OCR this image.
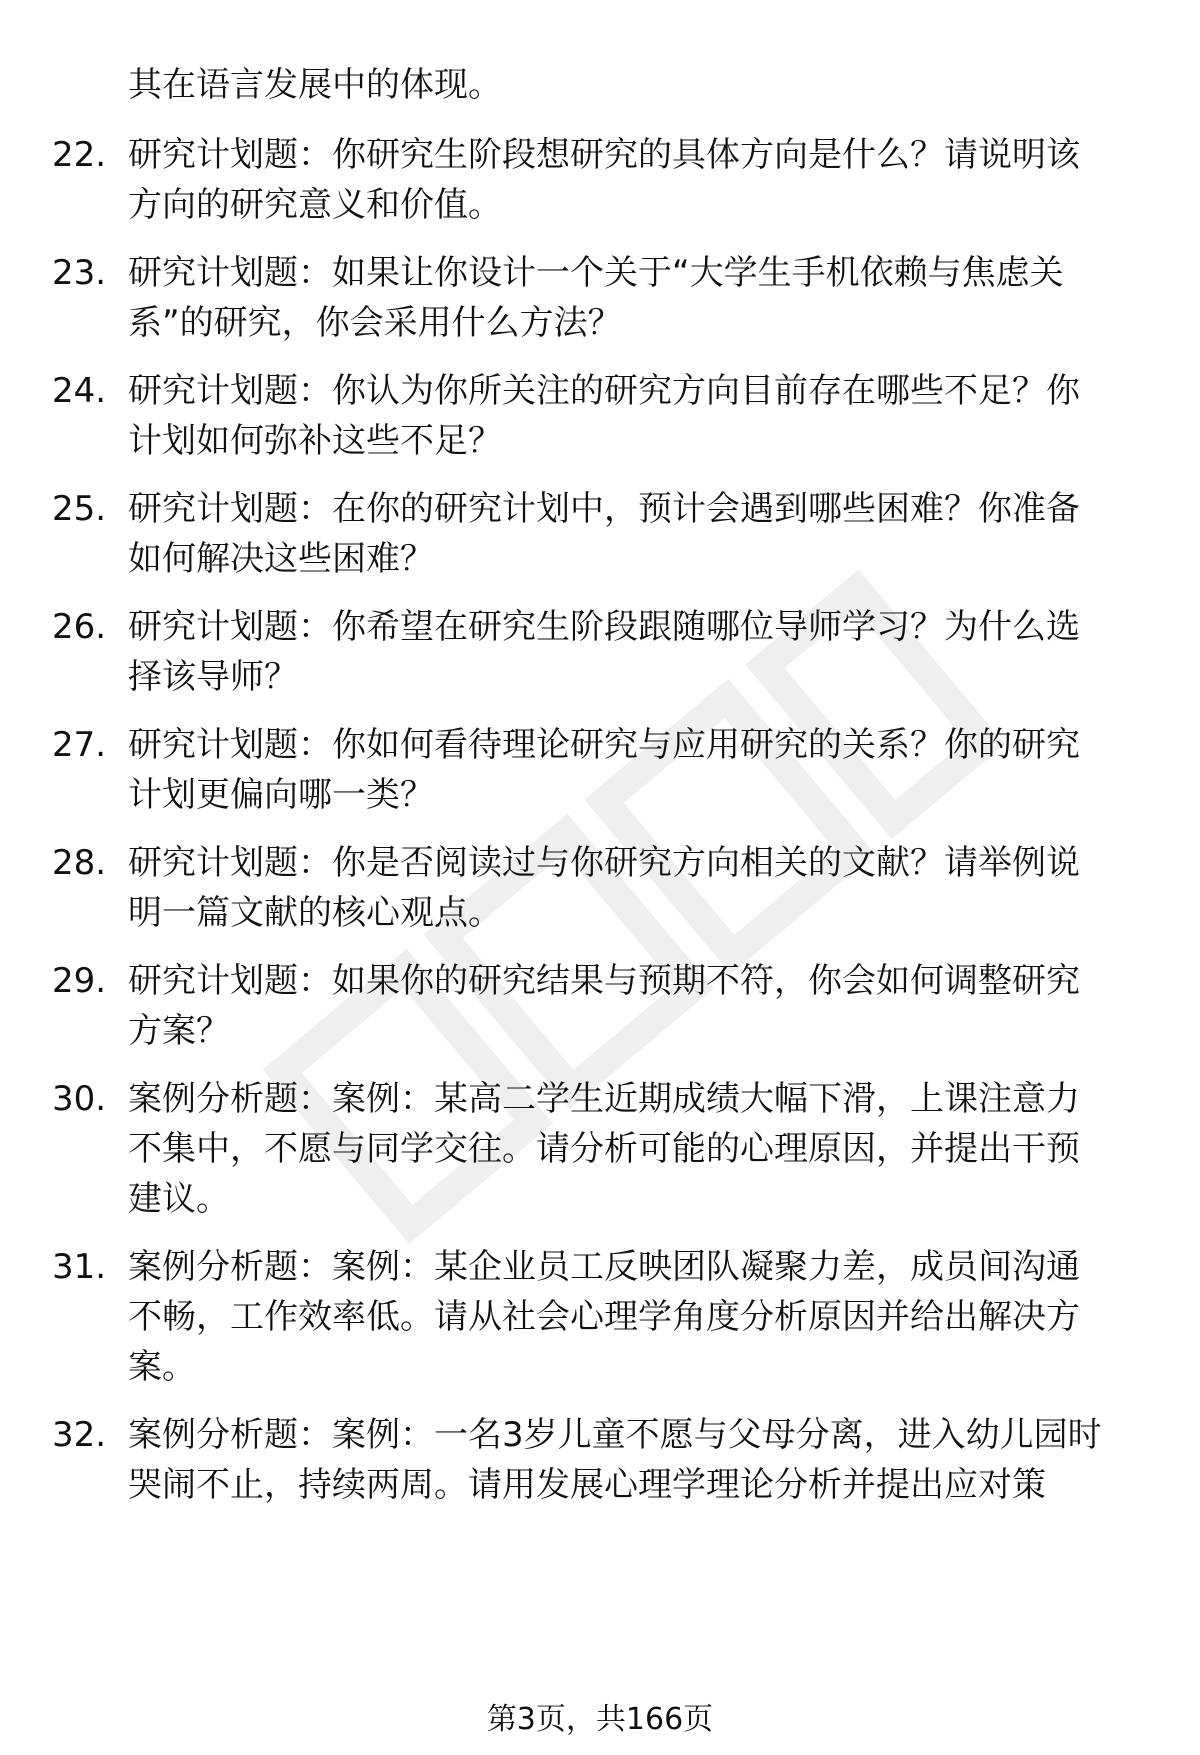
其在语言发展中的体现。
22. 研究计划题：你研究生阶段想研究的具体方向是什么？请说明该
方向的研究意义和价值。
23. 研究计划题：如果让你设计一个关于“大学生手机依赖与焦虑关
系”的研究，你会采用什么方法？
24. 研究计划题：你认为你所关注的研究方向目前存在哪些不足？你
计划如何弥补这些不足？
25. 研究计划题：在你的研究计划中，预计会遇到哪些困难？你准备
如何解决这些困难？
26. 研究计划题：你希望在研究生阶段跟随哪位导师学习？为什么选
择该导师？
27. 研究计划题：你如何看待理论研究与应用研究的关系？你的研究
计划更偏向哪一类？
28. 研究计划题：你是否阅读过与你研究方向相关的文献？请举例说
明一篇文献的核心观点。
29. 研究计划题：如果你的研究结果与预期不符，你会如何调整研究
方案？
30. 案例分析题：案例：某高二学生近期成绩大幅下滑，上课注意力
不集中，不愿与同学交往。请分析可能的心理原因，并提出干预
建议。
31. 案例分析题：案例：某企业员工反映团队凝聚力差，成员间沟通
不畅，工作效率低。请从社会心理学角度分析原因并给出解决方
案。
32. 案例分析题：案例：一名3岁儿童不愿与父母分离，进入幼儿园时
哭闹不止，持续两周。请用发展心理学理论分析并提出应对策
第3页，共166页
